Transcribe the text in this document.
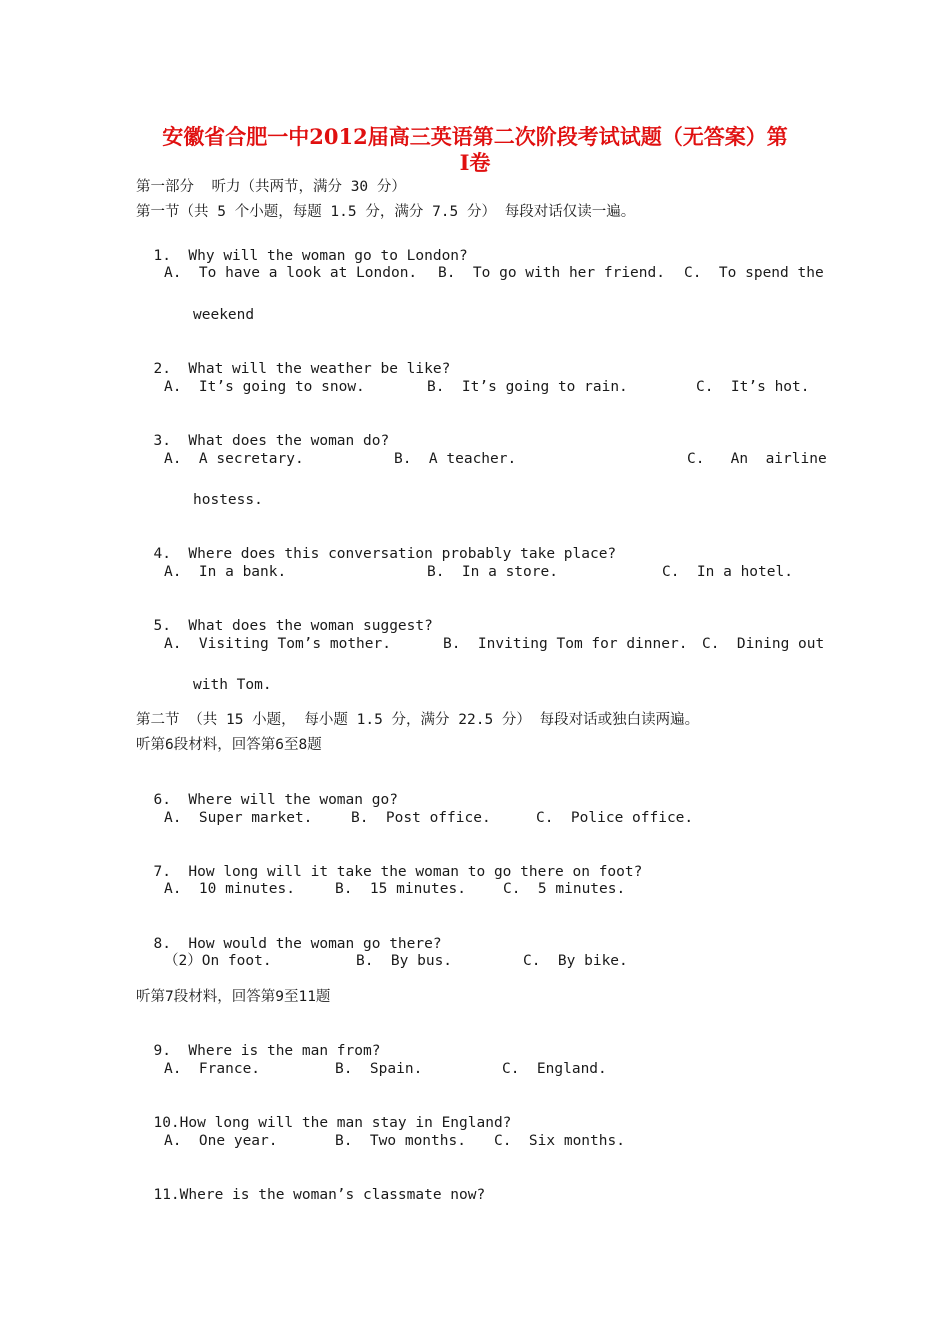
安徽省合肥一中2012届高三英语第二次阶段考试试题（无答案）第
Ⅰ卷
第一部分  听力（共两节，满分 30 分）
第一节（共 5 个小题，每题 1.5 分，满分 7.5 分） 每段对话仅读一遍。

1. Why will the woman go to London?

A.  To have a look at London. B.  To go with her friend. C.  To spend the
weekend

2. What will the weather be like?

A.  It’s going to snow.	B.  It’s going to rain.	C.  It’s hot.

3. What does the woman do?

A.  A secretary.	B.  A teacher.	C.   An  airline
hostess.

4. Where does this conversation probably take place?

A.  In a bank.	B.  In a store.	C.  In a hotel.

5. What does the woman suggest?

A.  Visiting Tom’s mother.	B.  Inviting Tom for dinner. C.  Dining out
with Tom.
第二节 （共 15 小题， 每小题 1.5 分，满分 22.5 分） 每段对话或独白读两遍。
听第6段材料，回答第6至8题

6. Where will the woman go?

A.  Super market.	B.  Post office.	C.  Police office.

7. How long will it take the woman to go there on foot?

A.  10 minutes.	B.  15 minutes.	C.  5 minutes.

8. How would the woman go there?

（2）On foot.	B.  By bus.	C.  By bike.
听第7段材料，回答第9至11题

9. Where is the man from?

A.  France.	B.  Spain.	C.  England.

10.How long will the man stay in England?

A.  One year.	B.  Two months. C.  Six months.

11.Where is the woman’s classmate now?
